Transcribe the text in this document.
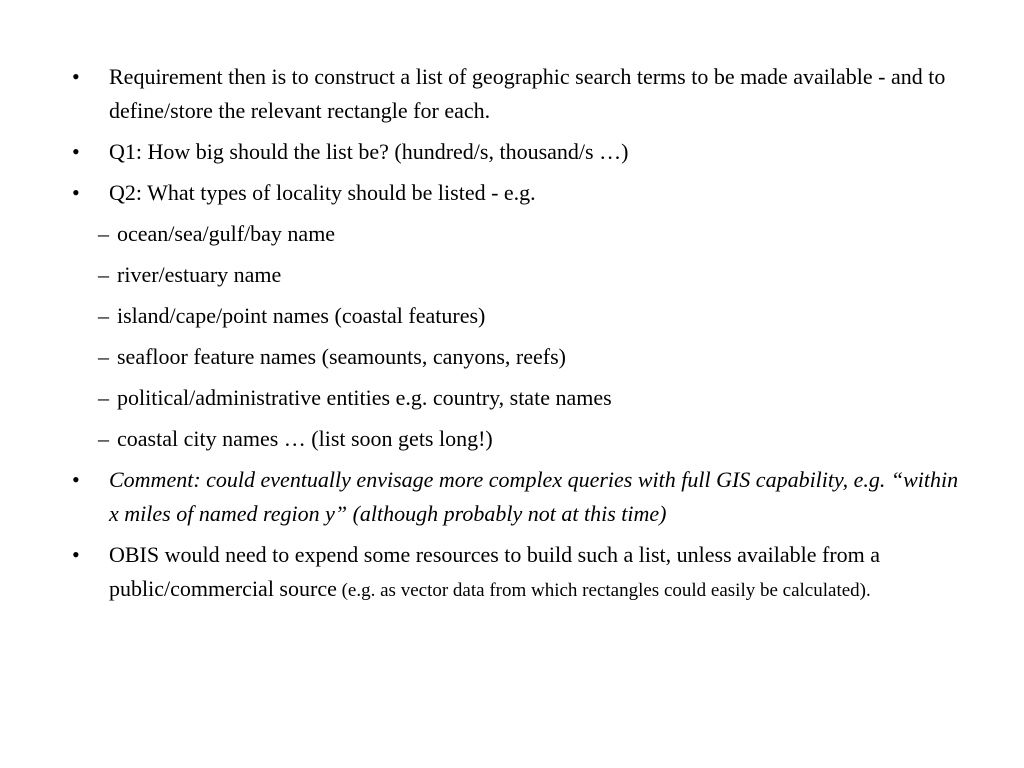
•	Requirement then is to construct a list of geographic search terms to be made available - and to define/store the relevant rectangle for each.
•	Q1: How big should the list be? (hundred/s, thousand/s …)
•	Q2: What types of locality should be listed - e.g.
– ocean/sea/gulf/bay name
– river/estuary name
– island/cape/point names (coastal features)
– seafloor feature names (seamounts, canyons, reefs)
– political/administrative entities e.g. country, state names
– coastal city names … (list soon gets long!)
•	Comment: could eventually envisage more complex queries with full GIS capability, e.g. “within x miles of named region y” (although probably not at this time)
•	OBIS would need to expend some resources to build such a list, unless available from a public/commercial source (e.g. as vector data from which rectangles could easily be calculated).
